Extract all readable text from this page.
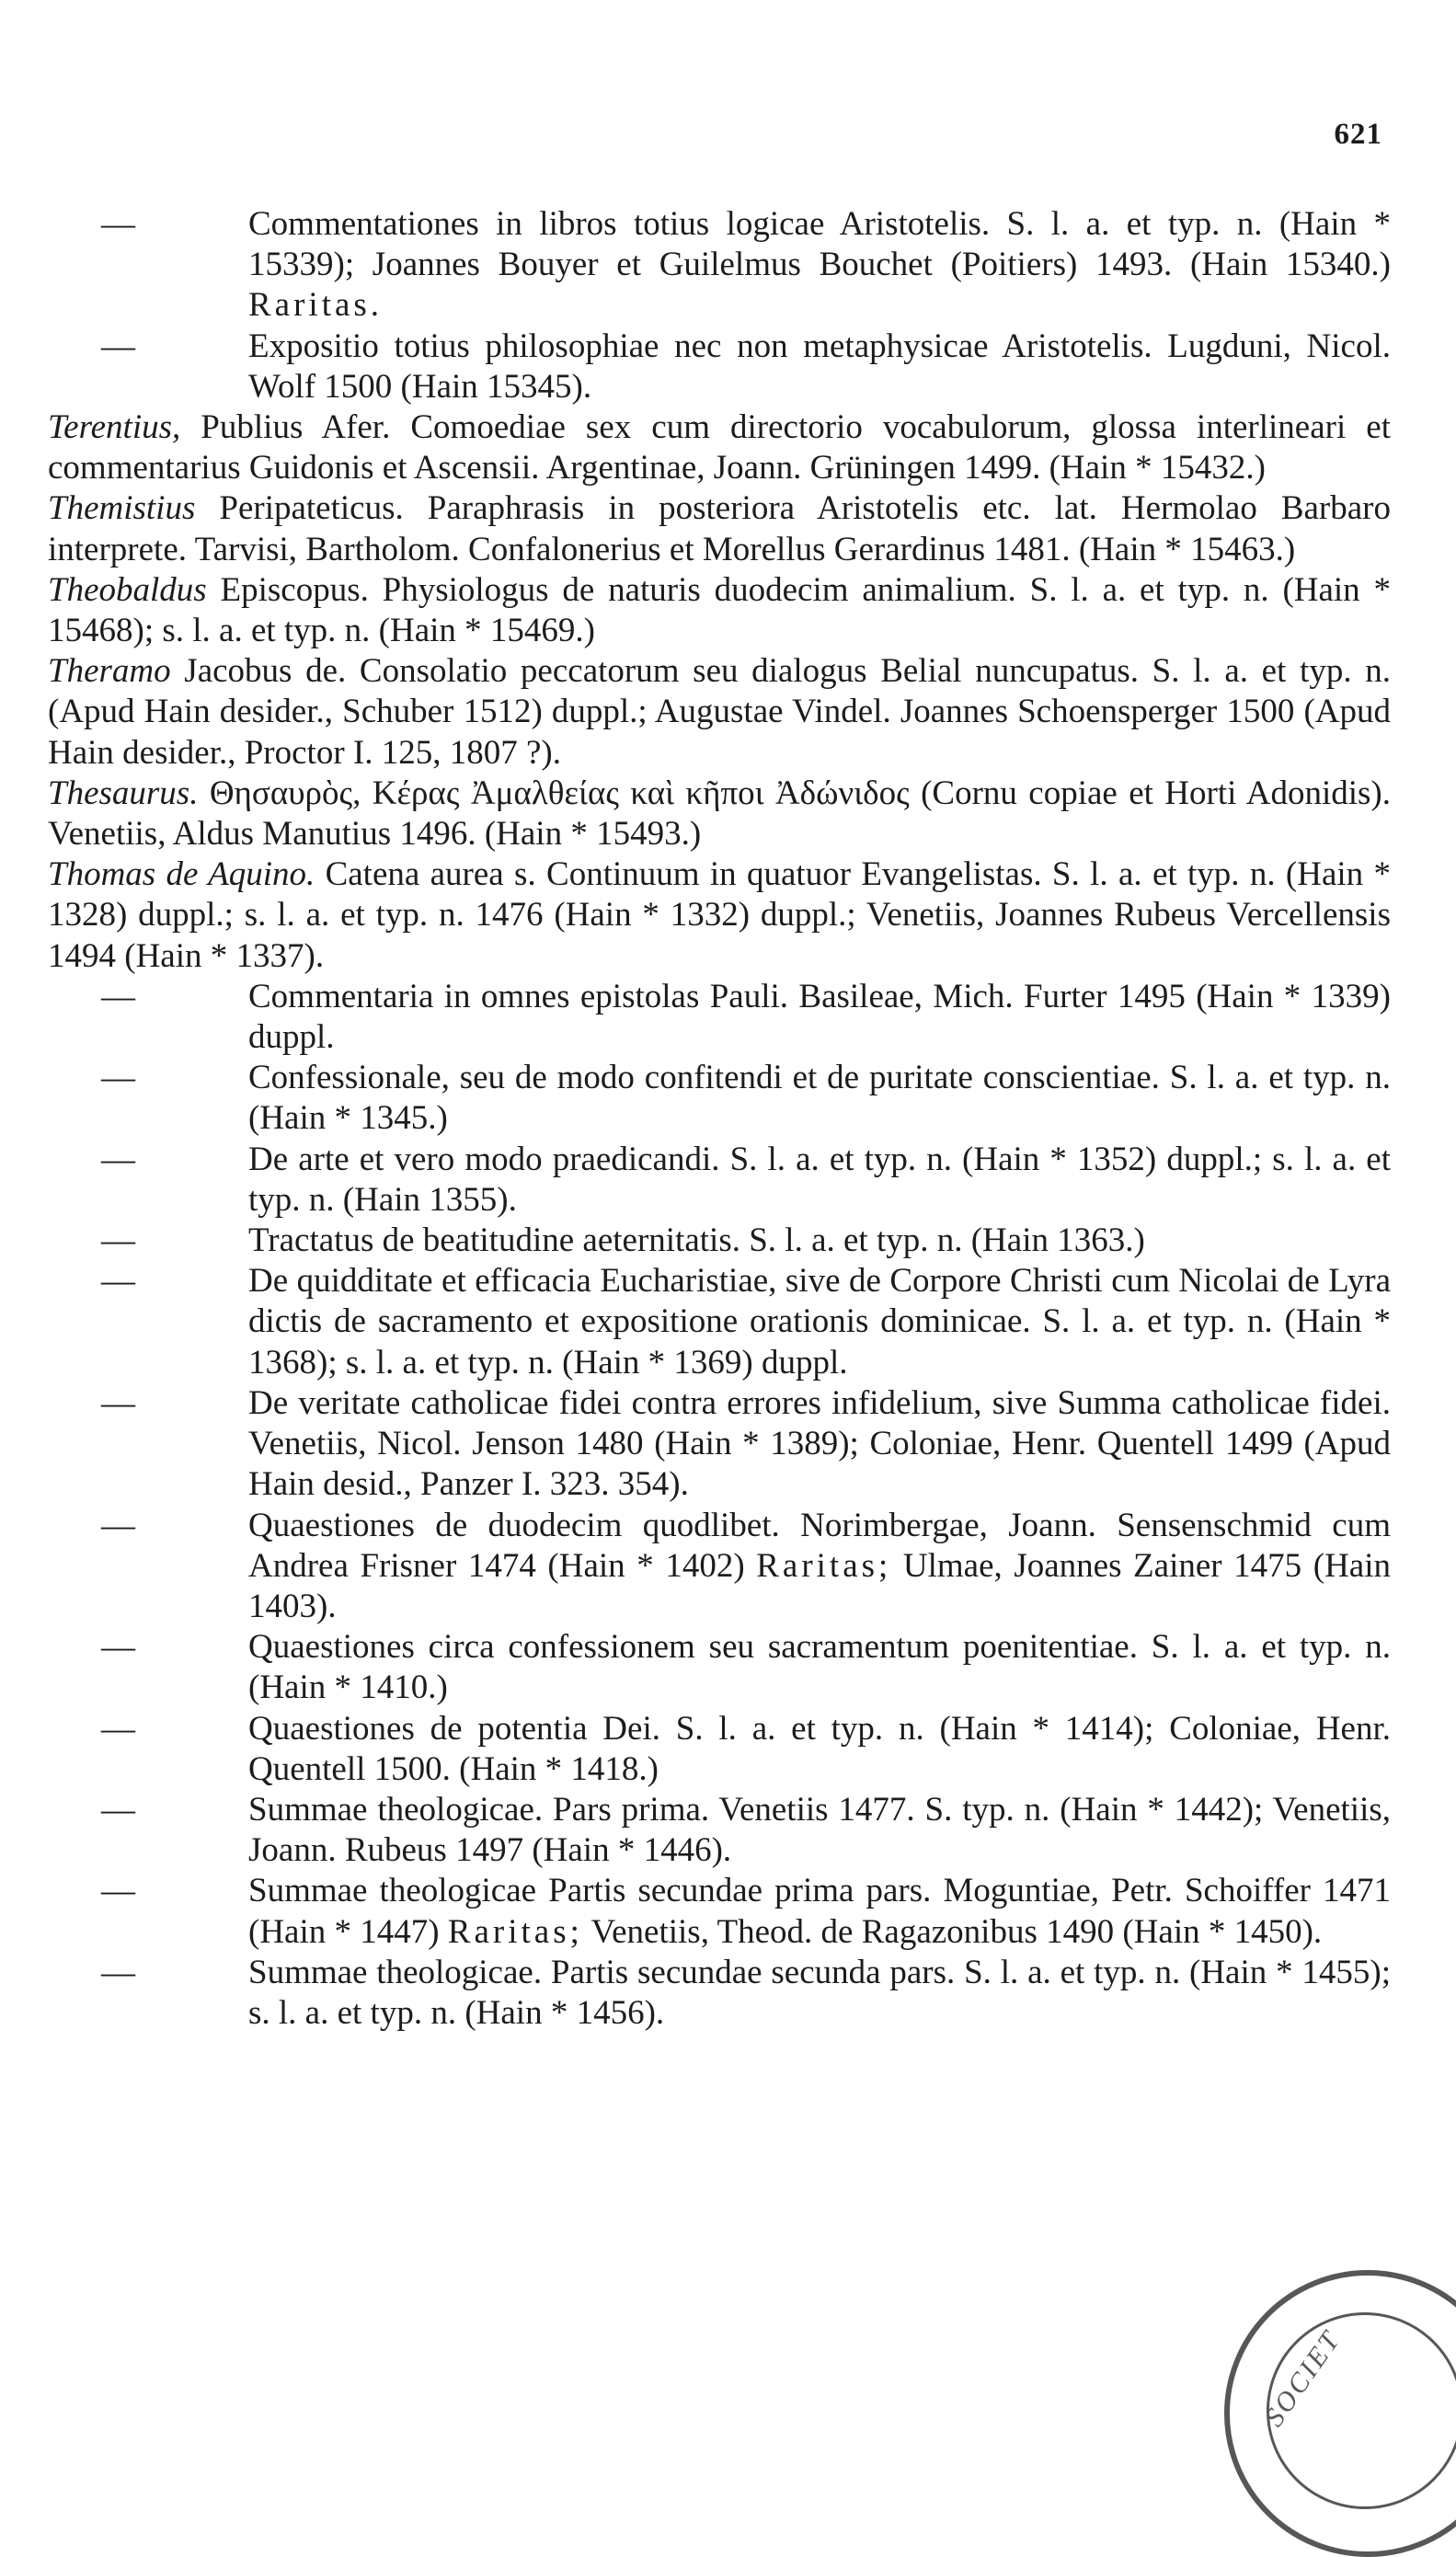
621
—	Commentationes in libros totius logicae Aristotelis. S. l. a. et typ. n. (Hain * 15339); Joannes Bouyer et Guilelmus Bouchet (Poitiers) 1493. (Hain 15340.) Raritas.
—	Expositio totius philosophiae nec non metaphysicae Aristotelis. Lugduni, Nicol. Wolf 1500 (Hain 15345).
Terentius, Publius Afer. Comoediae sex cum directorio vocabulorum, glossa interlineari et commentarius Guidonis et Ascensii. Argentinae, Joann. Grüningen 1499. (Hain * 15432.)
Themistius Peripateticus. Paraphrasis in posteriora Aristotelis etc. lat. Hermolao Barbaro interprete. Tarvisi, Bartholom. Confalonerius et Morellus Gerardinus 1481. (Hain * 15463.)
Theobaldus Episcopus. Physiologus de naturis duodecim animalium. S. l. a. et typ. n. (Hain * 15468); s. l. a. et typ. n. (Hain * 15469.)
Theramo Jacobus de. Consolatio peccatorum seu dialogus Belial nuncupatus. S. l. a. et typ. n. (Apud Hain desider., Schuber 1512) duppl.; Augustae Vindel. Joannes Schoensperger 1500 (Apud Hain desider., Proctor I. 125, 1807 ?).
Thesaurus. Θησαυρὸς, Κέρας Ἀμαλθείας καὶ κῆποι Ἀδώνιδος (Cornu copiae et Horti Adonidis). Venetiis, Aldus Manutius 1496. (Hain * 15493.)
Thomas de Aquino. Catena aurea s. Continuum in quatuor Evangelistas. S. l. a. et typ. n. (Hain * 1328) duppl.; s. l. a. et typ. n. 1476 (Hain * 1332) duppl.; Venetiis, Joannes Rubeus Vercellensis 1494 (Hain * 1337).
—	Commentaria in omnes epistolas Pauli. Basileae, Mich. Furter 1495 (Hain * 1339) duppl.
—	Confessionale, seu de modo confitendi et de puritate conscientiae. S. l. a. et typ. n. (Hain * 1345.)
—	De arte et vero modo praedicandi. S. l. a. et typ. n. (Hain * 1352) duppl.; s. l. a. et typ. n. (Hain 1355).
—	Tractatus de beatitudine aeternitatis. S. l. a. et typ. n. (Hain 1363.)
—	De quidditate et efficacia Eucharistiae, sive de Corpore Christi cum Nicolai de Lyra dictis de sacramento et expositione orationis dominicae. S. l. a. et typ. n. (Hain * 1368); s. l. a. et typ. n. (Hain * 1369) duppl.
—	De veritate catholicae fidei contra errores infidelium, sive Summa catholicae fidei. Venetiis, Nicol. Jenson 1480 (Hain * 1389); Coloniae, Henr. Quentell 1499 (Apud Hain desid., Panzer I. 323. 354).
—	Quaestiones de duodecim quodlibet. Norimbergae, Joann. Sensenschmid cum Andrea Frisner 1474 (Hain * 1402) Raritas; Ulmae, Joannes Zainer 1475 (Hain 1403).
—	Quaestiones circa confessionem seu sacramentum poenitentiae. S. l. a. et typ. n. (Hain * 1410.)
—	Quaestiones de potentia Dei. S. l. a. et typ. n. (Hain * 1414); Coloniae, Henr. Quentell 1500. (Hain * 1418.)
—	Summae theologicae. Pars prima. Venetiis 1477. S. typ. n. (Hain * 1442); Venetiis, Joann. Rubeus 1497 (Hain * 1446).
—	Summae theologicae Partis secundae prima pars. Moguntiae, Petr. Schoiffer 1471 (Hain * 1447) Raritas; Venetiis, Theod. de Ragazonibus 1490 (Hain * 1450).
—	Summae theologicae. Partis secundae secunda pars. S. l. a. et typ. n. (Hain * 1455); s. l. a. et typ. n. (Hain * 1456).
SOCIET
